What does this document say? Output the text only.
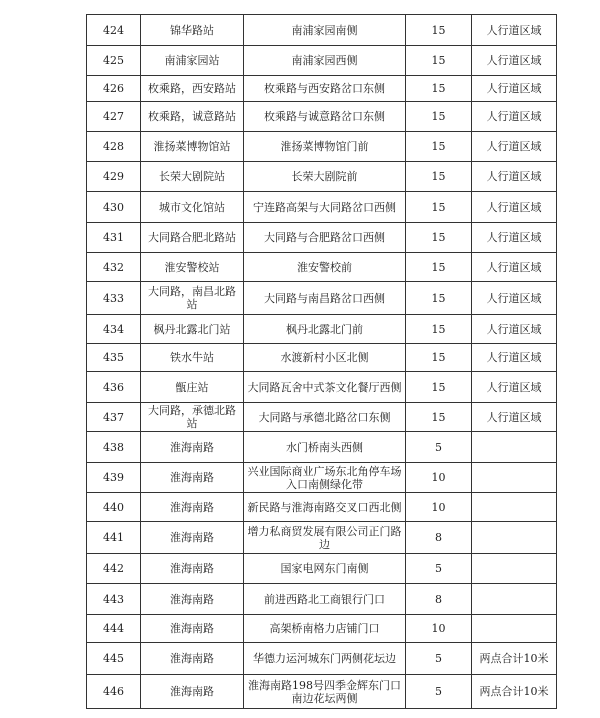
424	锦华路站	南浦家园南侧	15	人行道区域
425	南浦家园站	南浦家园西侧	15	人行道区域
426	枚乘路，西安路站	枚乘路与西安路岔口东侧	15	人行道区域
427	枚乘路，诚意路站	枚乘路与诚意路岔口东侧	15	人行道区域
428	淮扬菜博物馆站	淮扬菜博物馆门前	15	人行道区域
429	长荣大剧院站	长荣大剧院前	15	人行道区域
430	城市文化馆站	宁连路高架与大同路岔口西侧	15	人行道区域
431	大同路合肥北路站	大同路与合肥路岔口西侧	15	人行道区域
432	淮安警校站	淮安警校前	15	人行道区域
433	大同路，南昌北路站	大同路与南昌路岔口西侧	15	人行道区域
434	枫丹北露北门站	枫丹北露北门前	15	人行道区域
435	铁水牛站	水渡新村小区北侧	15	人行道区域
436	甑庄站	大同路瓦舍中式茶文化餐厅西侧	15	人行道区域
437	大同路，承德北路站	大同路与承德北路岔口东侧	15	人行道区域
438	淮海南路	水门桥南头西侧	5	
439	淮海南路	兴业国际商业广场东北角停车场入口南侧绿化带	10	
440	淮海南路	新民路与淮海南路交叉口西北侧	10	
441	淮海南路	增力私商贸发展有限公司正门路边	8	
442	淮海南路	国家电网东门南侧	5	
443	淮海南路	前进西路北工商银行门口	8	
444	淮海南路	高架桥南格力店铺门口	10	
445	淮海南路	华德力运河城东门两侧花坛边	5	两点合计10米
446	淮海南路	淮海南路198号四季金辉东门口南边花坛两侧	5	两点合计10米
